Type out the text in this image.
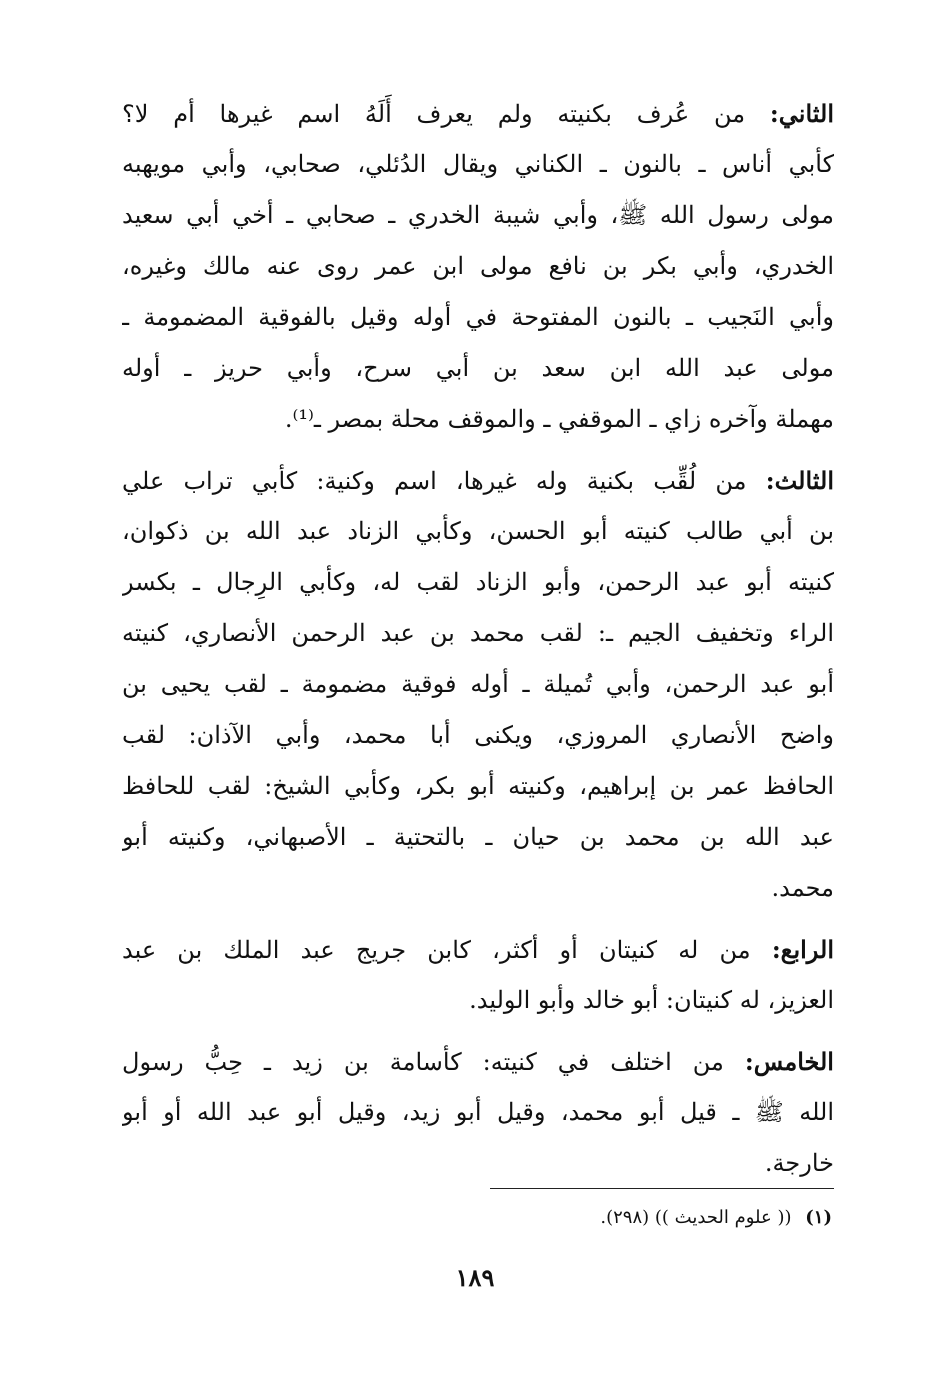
الثاني: من عُرف بكنيته ولم يعرف أَلَهُ اسم غيرها أم لا؟
كأبي أناس ـ بالنون ـ الكناني ويقال الدُئلي، صحابي، وأبي مويهبه
مولى رسول الله ﷺ، وأبي شيبة الخدري ـ صحابي ـ أخي أبي سعيد
الخدري، وأبي بكر بن نافع مولى ابن عمر روى عنه مالك وغيره،
وأبي النَجيب ـ بالنون المفتوحة في أوله وقيل بالفوقية المضمومة ـ
مولى عبد الله ابن سعد بن أبي سرح، وأبي حريز ـ أوله
مهملة وآخره زاي ـ الموقفي ـ والموقف محلة بمصر ـ⁽¹⁾.
الثالث: من لُقِّب بكنية وله غيرها، اسم وكنية: كأبي تراب علي
بن أبي طالب كنيته أبو الحسن، وكأبي الزناد عبد الله بن ذكوان،
كنيته أبو عبد الرحمن، وأبو الزناد لقب له، وكأبي الرِجال ـ بكسر
الراء وتخفيف الجيم ـ: لقب محمد بن عبد الرحمن الأنصاري، كنيته
أبو عبد الرحمن، وأبي تُميلة ـ أوله فوقية مضمومة ـ لقب يحيى بن
واضح الأنصاري المروزي، ويكنى أبا محمد، وأبي الآذان: لقب
الحافظ عمر بن إبراهيم، وكنيته أبو بكر، وكأبي الشيخ: لقب للحافظ
عبد الله بن محمد بن حيان ـ بالتحتية ـ الأصبهاني، وكنيته أبو
محمد.
الرابع: من له كنيتان أو أكثر، كابن جريج عبد الملك بن عبد
العزيز، له كنيتان: أبو خالد وأبو الوليد.
الخامس: من اختلف في كنيته: كأسامة بن زيد ـ حِبُّ رسول
الله ﷺ ـ قيل أبو محمد، وقيل أبو زيد، وقيل أبو عبد الله أو أبو
خارجة.
(١) (( علوم الحديث )) (٢٩٨).
١٨٩
